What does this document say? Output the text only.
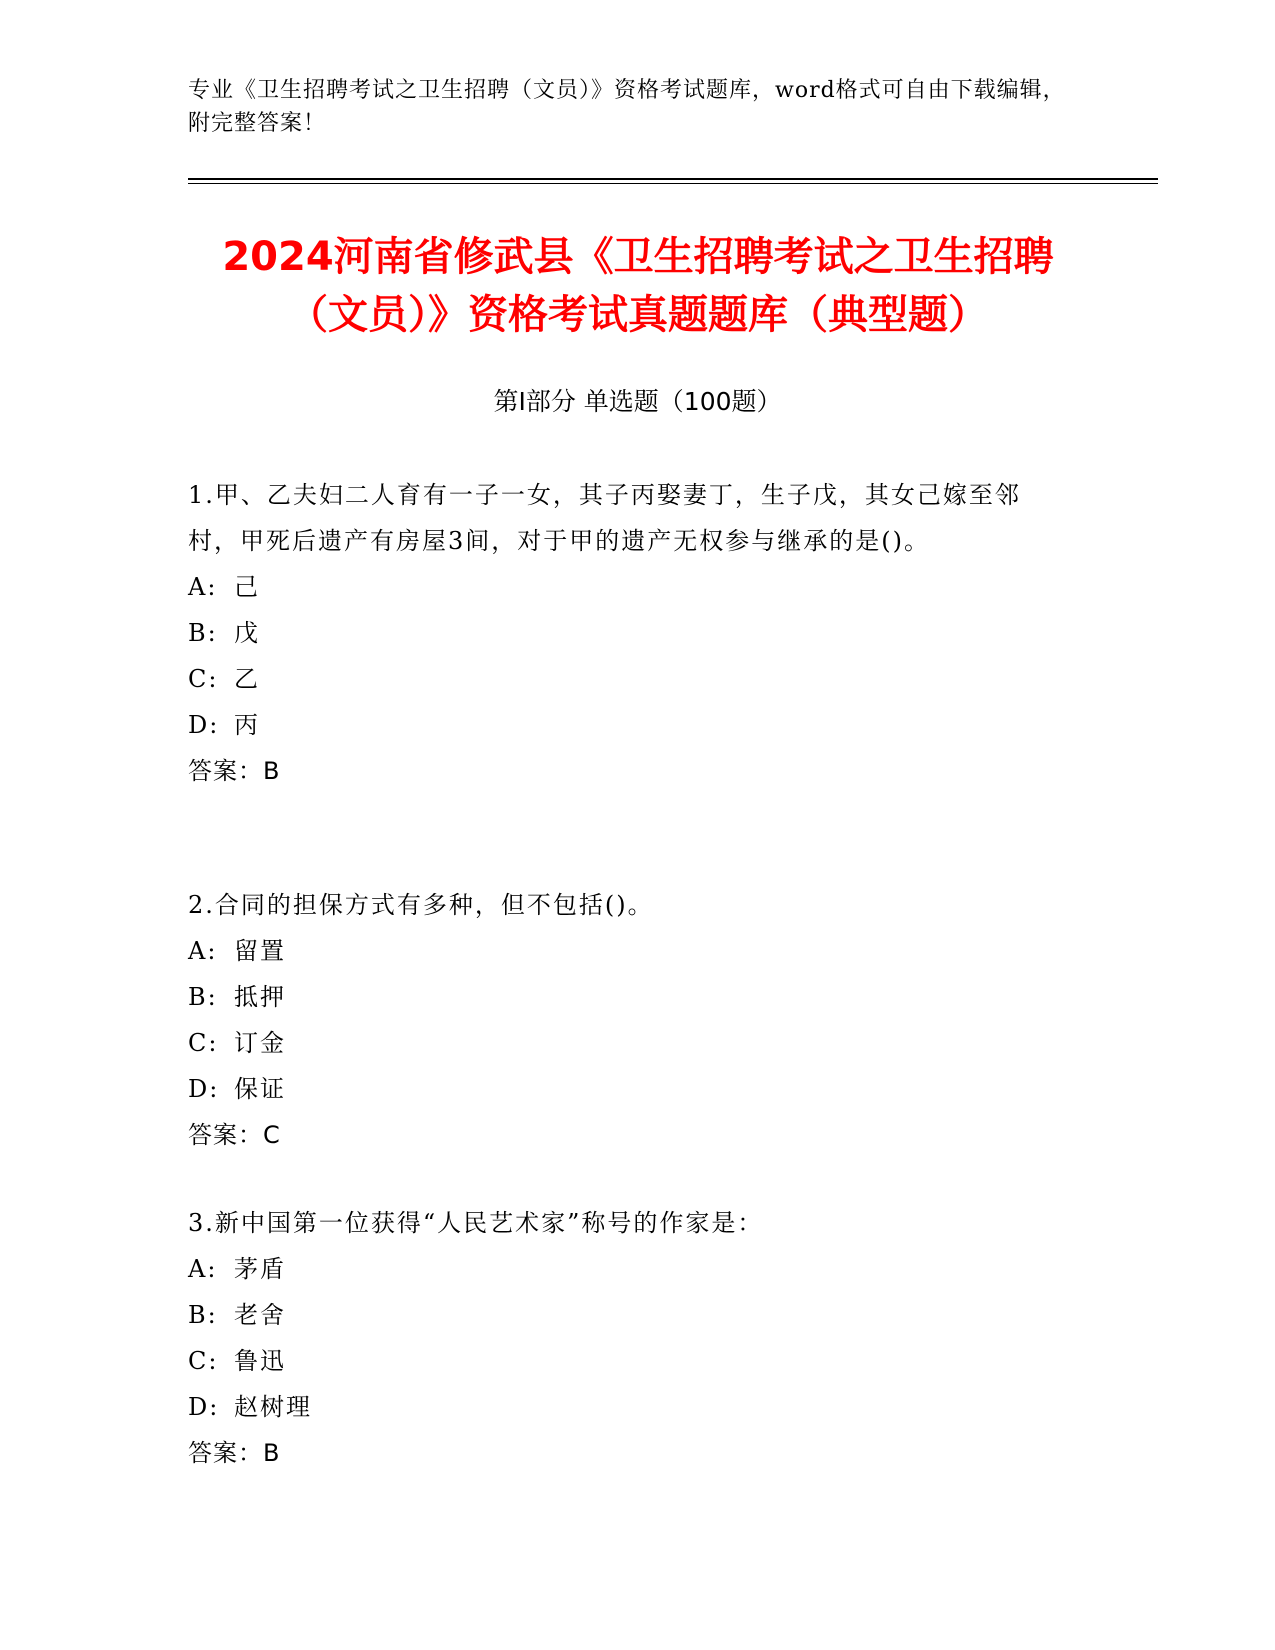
专业《卫生招聘考试之卫生招聘（文员）》资格考试题库，word格式可自由下载编辑，附完整答案！
2024河南省修武县《卫生招聘考试之卫生招聘（文员）》资格考试真题题库（典型题）
第Ⅰ部分 单选题（100题）

1.甲、乙夫妇二人育有一子一女，其子丙娶妻丁，生子戊，其女己嫁至邻村，甲死后遗产有房屋3间，对于甲的遗产无权参与继承的是()。

A: 己

B: 戊

C: 乙

D: 丙

答案：B

2.合同的担保方式有多种，但不包括()。

A: 留置

B: 抵押

C: 订金

D: 保证

答案：C

3.新中国第一位获得“人民艺术家”称号的作家是：

A: 茅盾

B: 老舍

C: 鲁迅

D: 赵树理

答案：B
